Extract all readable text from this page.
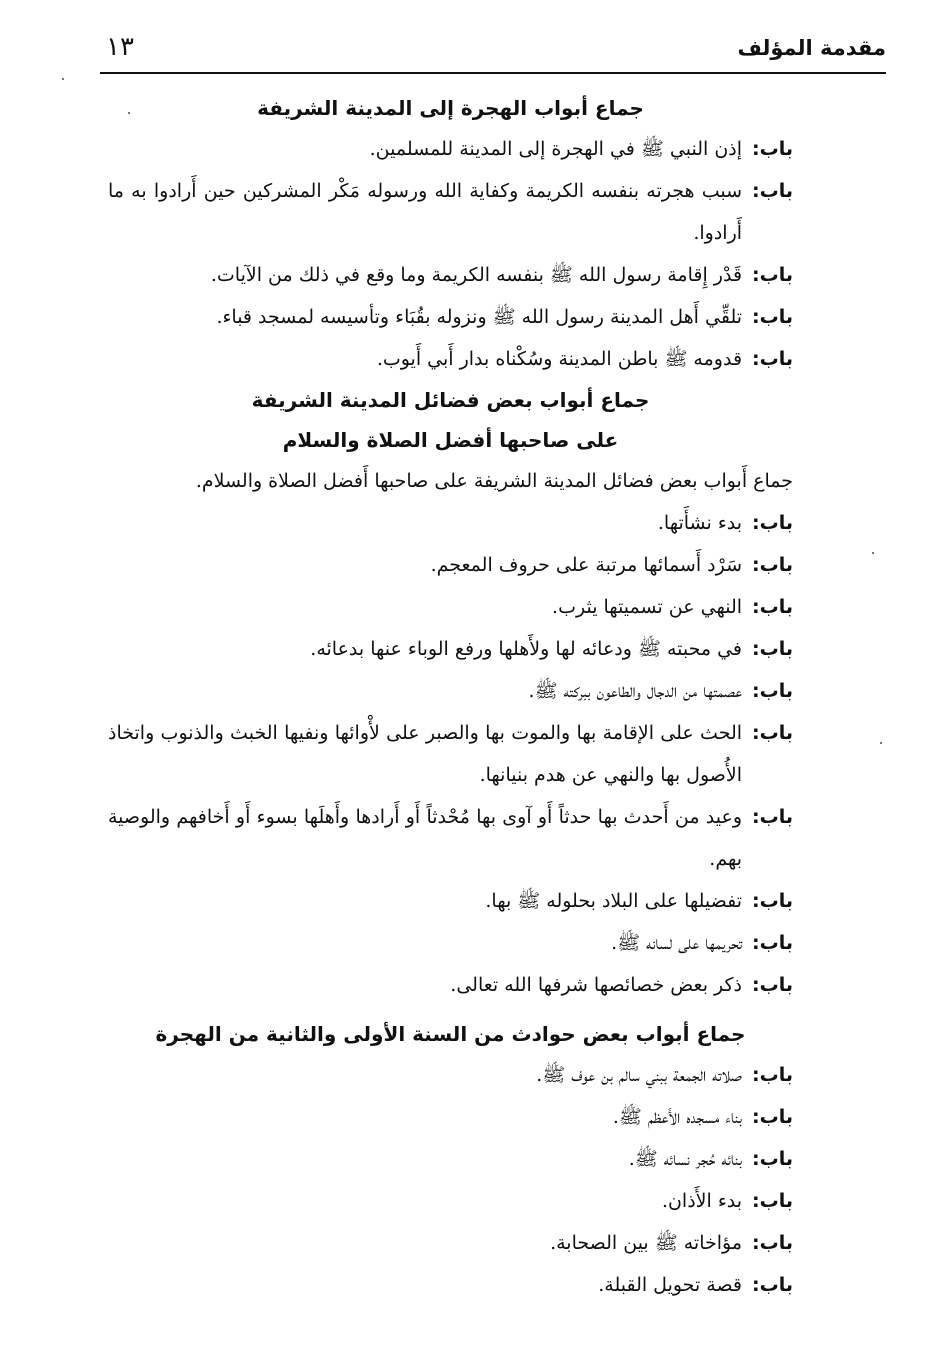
مقدمة المؤلف
١٣
جماع أبواب الهجرة إلى المدينة الشريفة
باب:
إذن النبي ﷺ في الهجرة إلى المدينة للمسلمين.
باب:
سبب هجرته بنفسه الكريمة وكفاية الله ورسوله مَكْر المشركين حين أَرادوا به ما أَرادوا.
باب:
قَدْر إِقامة رسول الله ﷺ بنفسه الكريمة وما وقع في ذلك من الآيات.
باب:
تلقِّي أَهل المدينة رسول الله ﷺ ونزوله بقُبَاء وتأسيسه لمسجد قباء.
باب:
قدومه ﷺ باطن المدينة وسُكْناه بدار أَبي أَيوب.
جماع أبواب بعض فضائل المدينة الشريفة
على صاحبها أفضل الصلاة والسلام
جماع أَبواب بعض فضائل المدينة الشريفة على صاحبها أَفضل الصلاة والسلام.
باب:
بدء نشأَتها.
باب:
سَرْد أَسمائها مرتبة على حروف المعجم.
باب:
النهي عن تسميتها يثرب.
باب:
في محبته ﷺ ودعائه لها ولأَهلها ورفع الوباء عنها بدعائه.
باب:
عصمتها من الدجال والطاعون ببركته ﷺ.
باب:
الحث على الإقامة بها والموت بها والصبر على لأْوائها ونفيها الخبث والذنوب واتخاذ الأُصول بها والنهي عن هدم بنيانها.
باب:
وعيد من أَحدث بها حدثاً أَو آوى بها مُحْدثاً أَو أَرادها وأَهلَها بسوء أَو أَخافهم والوصية بهم.
باب:
تفضيلها على البلاد بحلوله ﷺ بها.
باب:
تحريمها على لسانه ﷺ.
باب:
ذكر بعض خصائصها شرفها الله تعالى.
جماع أبواب بعض حوادث من السنة الأولى والثانية من الهجرة
باب:
صلاته الجمعة ببني سالم بن عوف ﷺ.
باب:
بناء مسجده الأَعظم ﷺ.
باب:
بنائه حُجر نسائه ﷺ.
باب:
بدء الأَذان.
باب:
مؤاخاته ﷺ بين الصحابة.
باب:
قصة تحويل القبلة.
